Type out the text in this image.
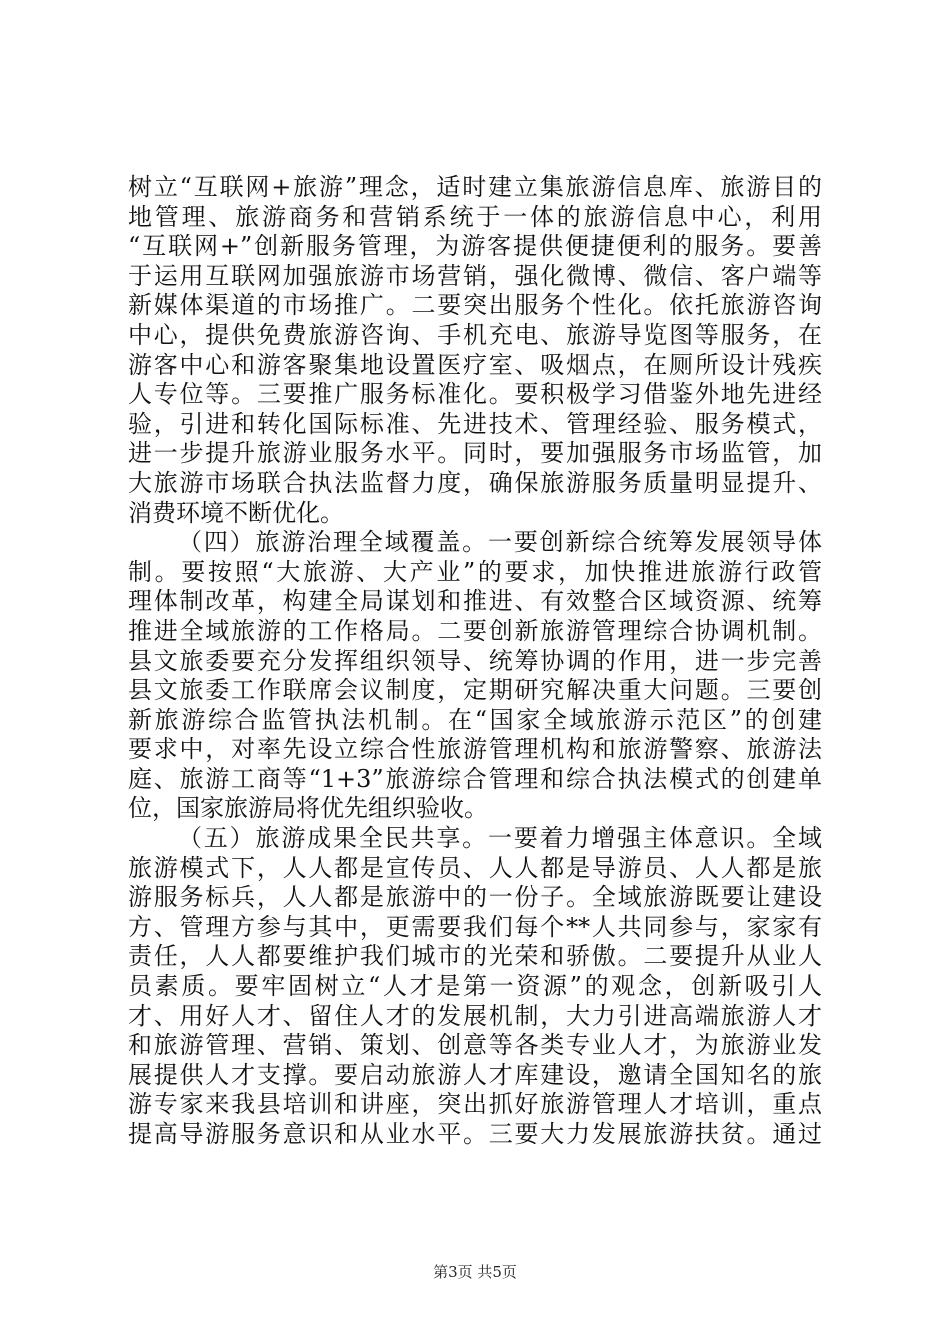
树立“互联网+旅游”理念，适时建立集旅游信息库、旅游目的
地管理、旅游商务和营销系统于一体的旅游信息中心，利用
“互联网+”创新服务管理，为游客提供便捷便利的服务。要善
于运用互联网加强旅游市场营销，强化微博、微信、客户端等
新媒体渠道的市场推广。二要突出服务个性化。依托旅游咨询
中心，提供免费旅游咨询、手机充电、旅游导览图等服务，在
游客中心和游客聚集地设置医疗室、吸烟点，在厕所设计残疾
人专位等。三要推广服务标准化。要积极学习借鉴外地先进经
验，引进和转化国际标准、先进技术、管理经验、服务模式，
进一步提升旅游业服务水平。同时，要加强服务市场监管，加
大旅游市场联合执法监督力度，确保旅游服务质量明显提升、
消费环境不断优化。
（四）旅游治理全域覆盖。一要创新综合统筹发展领导体
制。要按照“大旅游、大产业”的要求，加快推进旅游行政管
理体制改革，构建全局谋划和推进、有效整合区域资源、统筹
推进全域旅游的工作格局。二要创新旅游管理综合协调机制。
县文旅委要充分发挥组织领导、统筹协调的作用，进一步完善
县文旅委工作联席会议制度，定期研究解决重大问题。三要创
新旅游综合监管执法机制。在“国家全域旅游示范区”的创建
要求中，对率先设立综合性旅游管理机构和旅游警察、旅游法
庭、旅游工商等“1+3”旅游综合管理和综合执法模式的创建单
位，国家旅游局将优先组织验收。
（五）旅游成果全民共享。一要着力增强主体意识。全域
旅游模式下，人人都是宣传员、人人都是导游员、人人都是旅
游服务标兵，人人都是旅游中的一份子。全域旅游既要让建设
方、管理方参与其中，更需要我们每个**人共同参与，家家有
责任，人人都要维护我们城市的光荣和骄傲。二要提升从业人
员素质。要牢固树立“人才是第一资源”的观念，创新吸引人
才、用好人才、留住人才的发展机制，大力引进高端旅游人才
和旅游管理、营销、策划、创意等各类专业人才，为旅游业发
展提供人才支撑。要启动旅游人才库建设，邀请全国知名的旅
游专家来我县培训和讲座，突出抓好旅游管理人才培训，重点
提高导游服务意识和从业水平。三要大力发展旅游扶贫。通过
第3页 共5页
